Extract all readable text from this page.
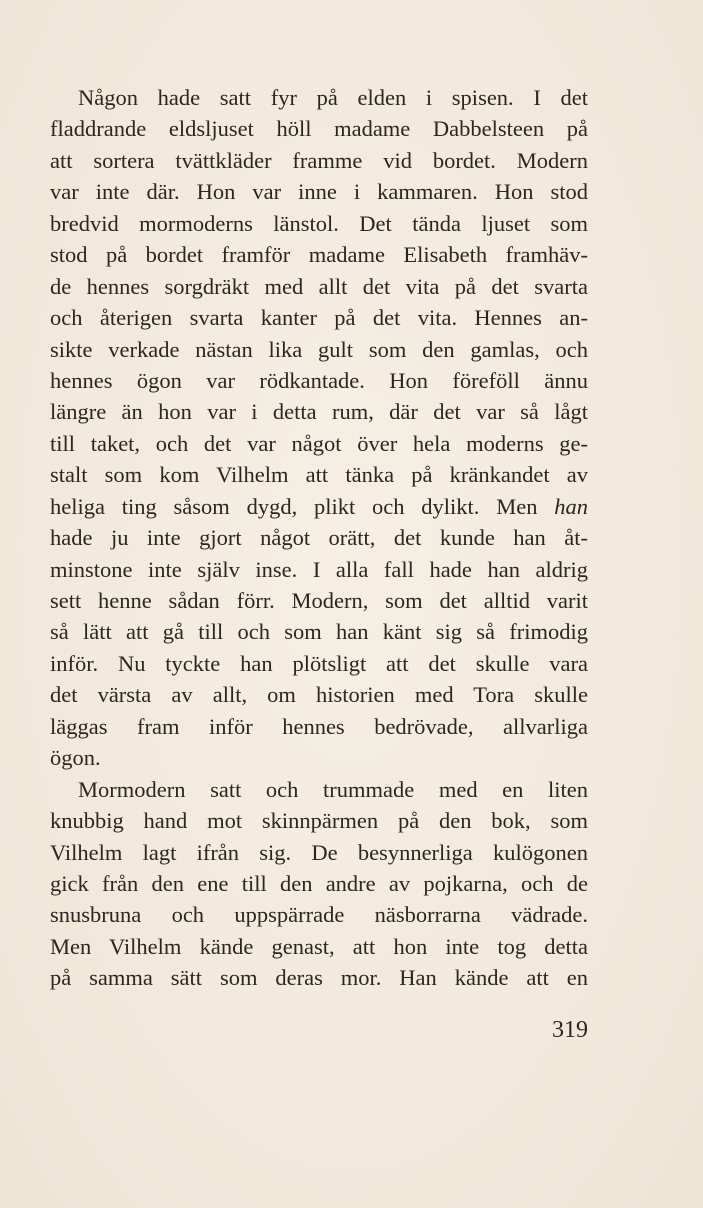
Någon hade satt fyr på elden i spisen. I det
fladdrande eldsljuset höll madame Dabbelsteen på
att sortera tvättkläder framme vid bordet. Modern
var inte där. Hon var inne i kammaren. Hon stod
bredvid mormoderns länstol. Det tända ljuset som
stod på bordet framför madame Elisabeth framhäv-
de hennes sorgdräkt med allt det vita på det svarta
och återigen svarta kanter på det vita. Hennes an-
sikte verkade nästan lika gult som den gamlas, och
hennes ögon var rödkantade. Hon föreföll ännu
längre än hon var i detta rum, där det var så lågt
till taket, och det var något över hela moderns ge-
stalt som kom Vilhelm att tänka på kränkandet av
heliga ting såsom dygd, plikt och dylikt. Men han
hade ju inte gjort något orätt, det kunde han åt-
minstone inte själv inse. I alla fall hade han aldrig
sett henne sådan förr. Modern, som det alltid varit
så lätt att gå till och som han känt sig så frimodig
inför. Nu tyckte han plötsligt att det skulle vara
det värsta av allt, om historien med Tora skulle
läggas fram inför hennes bedrövade, allvarliga
ögon.
Mormodern satt och trummade med en liten
knubbig hand mot skinnpärmen på den bok, som
Vilhelm lagt ifrån sig. De besynnerliga kulögonen
gick från den ene till den andre av pojkarna, och de
snusbruna och uppspärrade näsborrarna vädrade.
Men Vilhelm kände genast, att hon inte tog detta
på samma sätt som deras mor. Han kände att en
319
